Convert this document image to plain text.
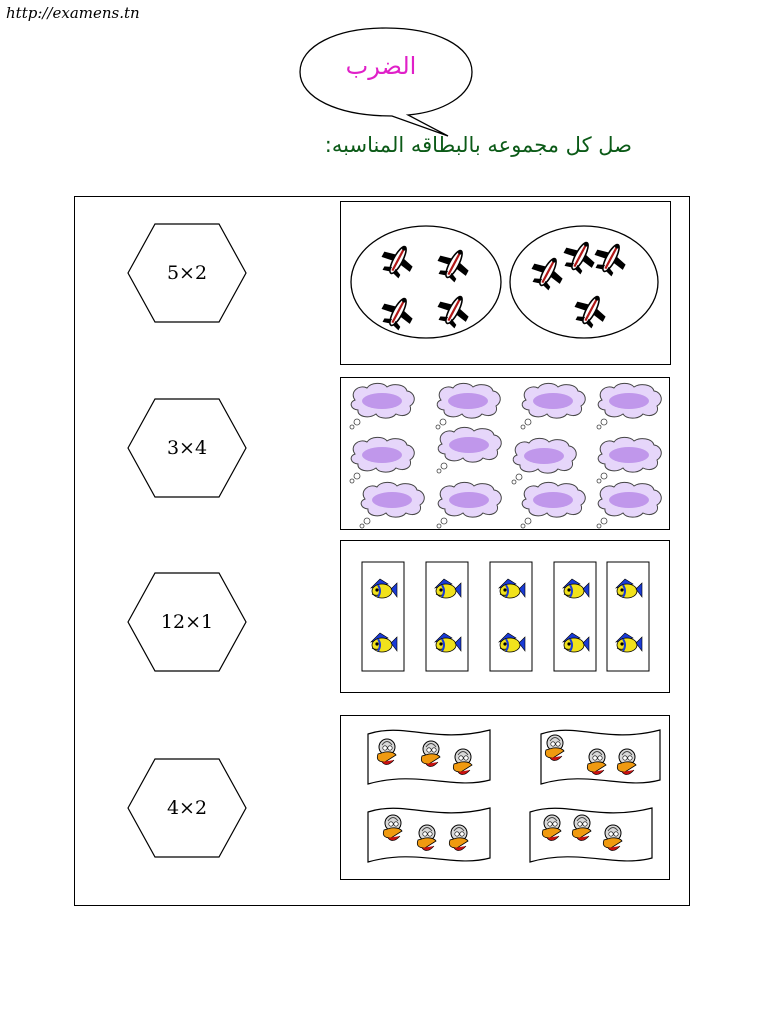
http://examens.tn
الضرب
صل كل مجموعه بالبطاقه المناسبه:
5×2
3×4
12×1
4×2
